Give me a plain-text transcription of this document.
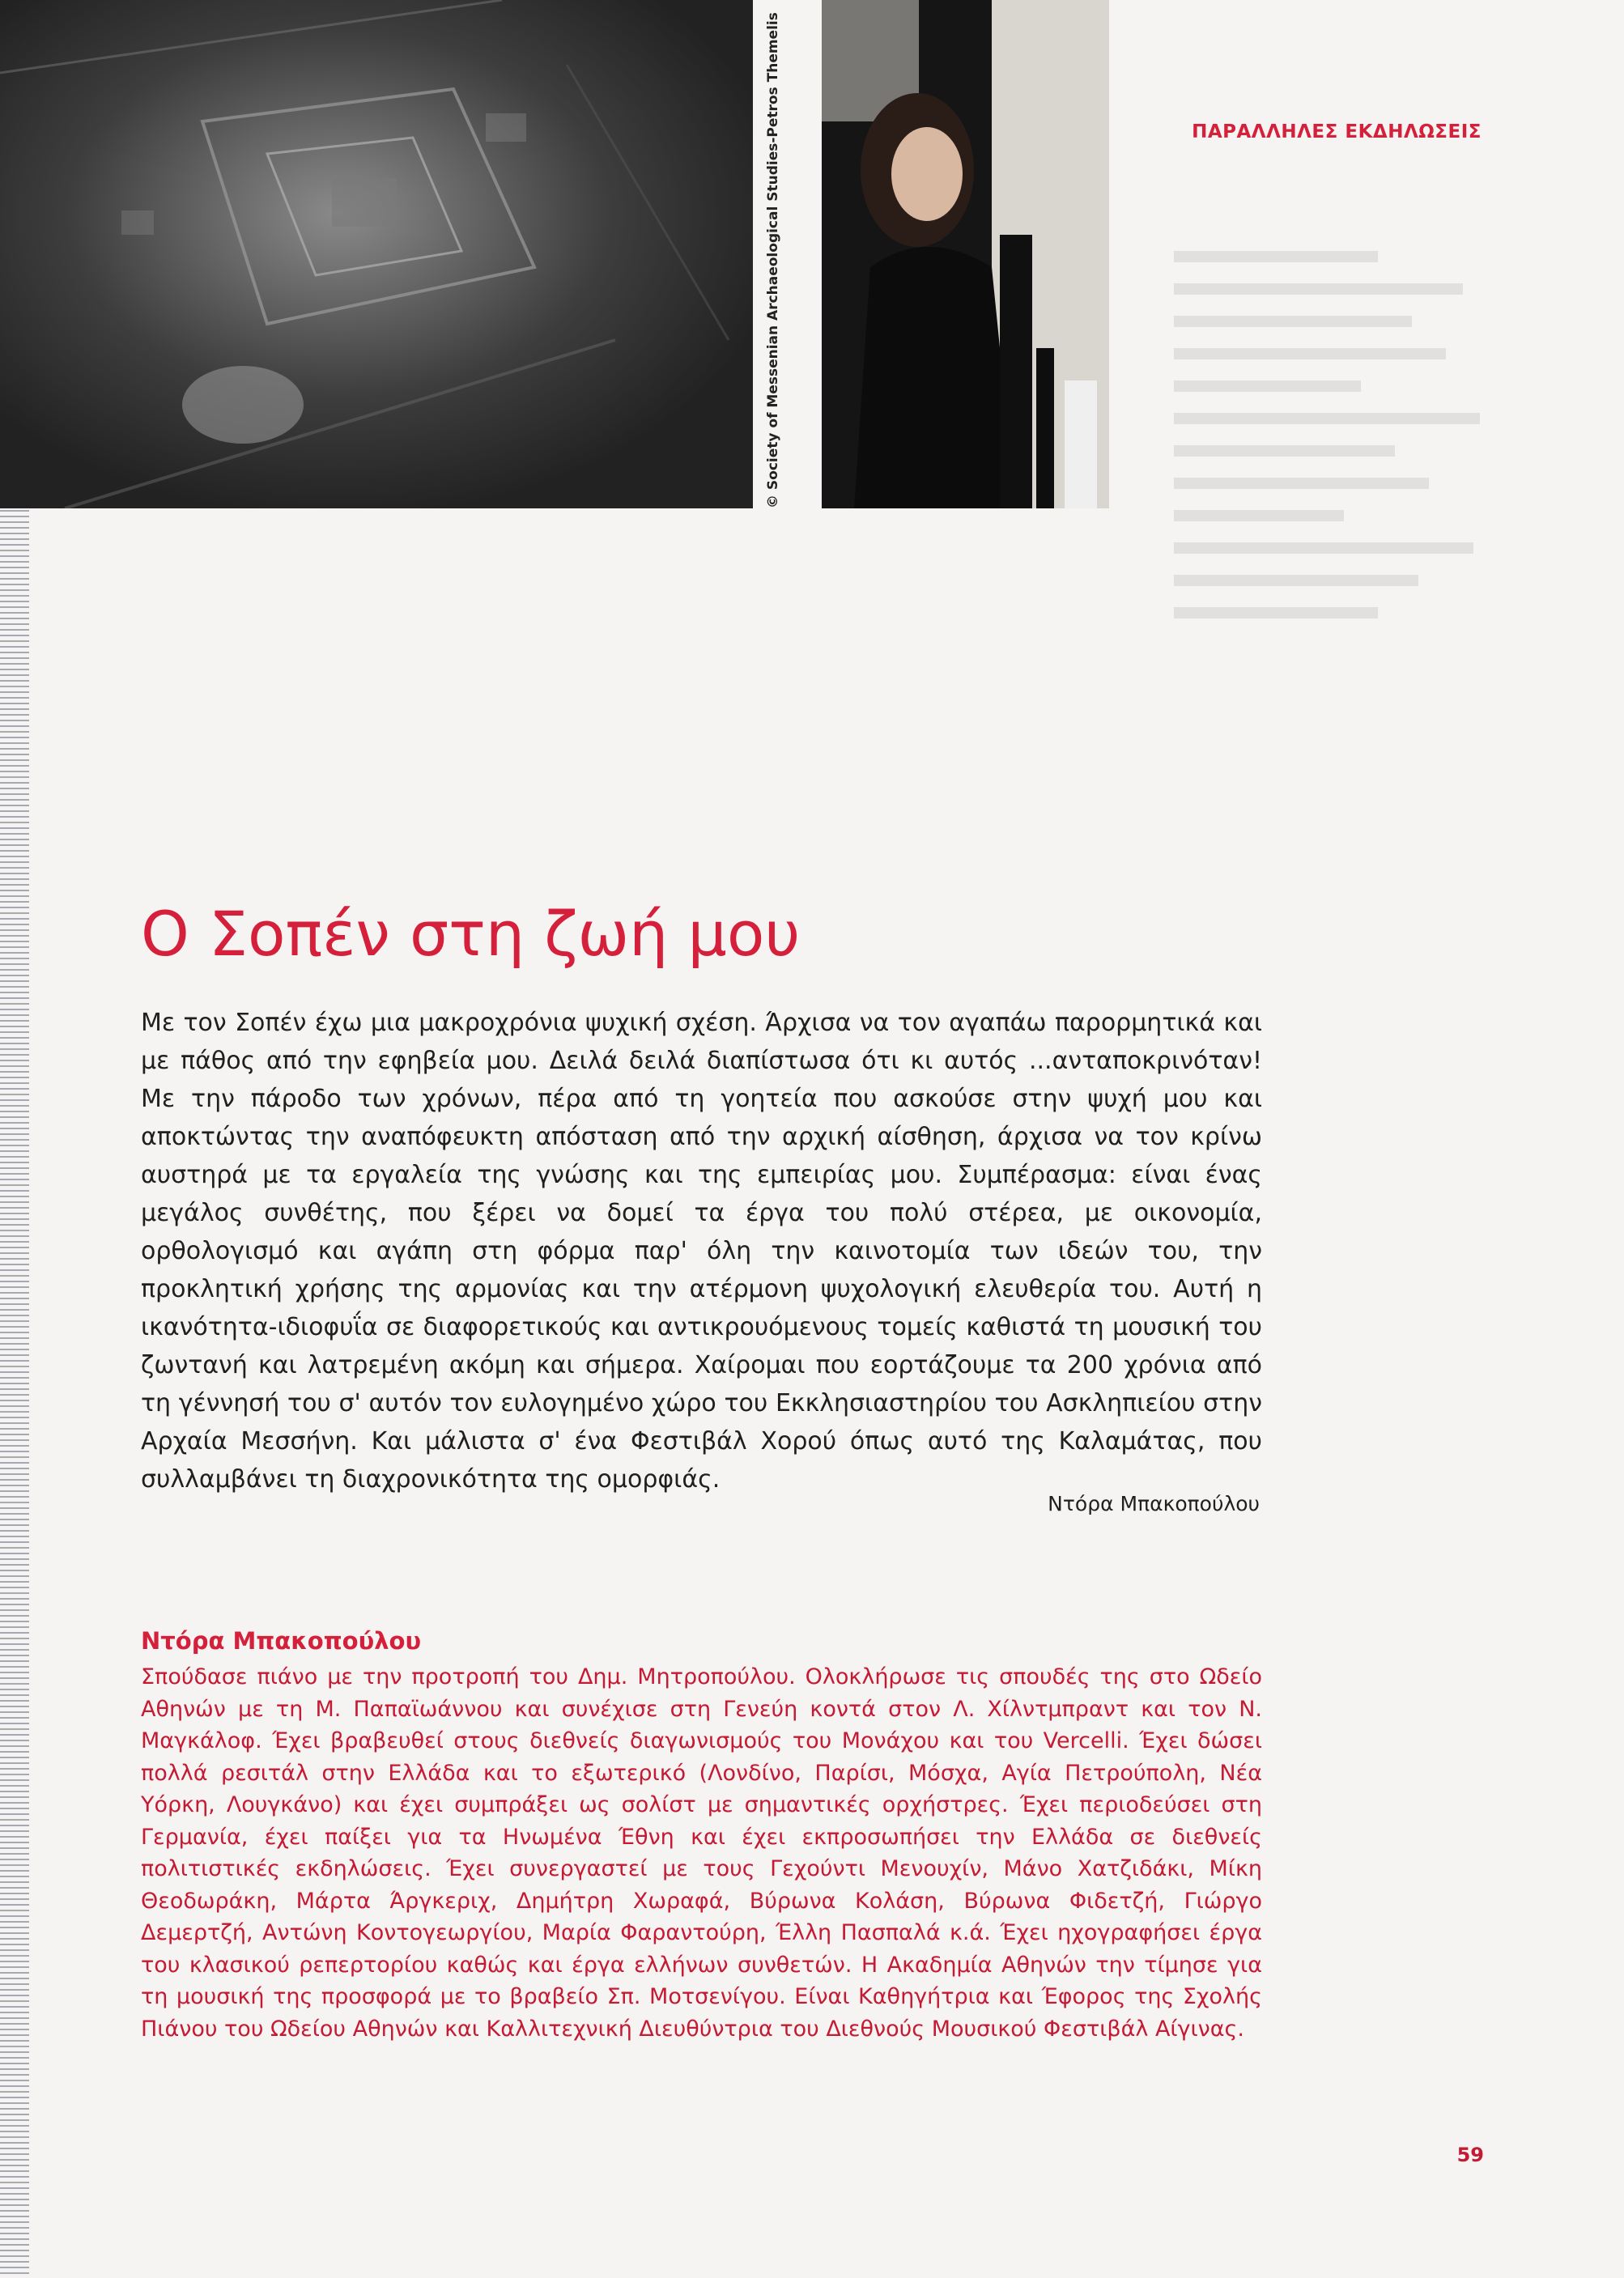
© Society of Messenian Archaeological Studies-Petros Themelis	ΠΑΡΑΛΛΗΛΕΣ ΕΚΔΗΛΩΣΕΙΣ
Ο Σοπέν στη ζωή μου

Με τον Σοπέν έχω μια μακροχρόνια ψυχική σχέση. Άρχισα να τον αγαπάω παρορμητικά και με πάθος από την εφηβεία μου. Δειλά δειλά διαπίστωσα ότι κι αυτός ...ανταποκρινόταν! Με την πάροδο των χρόνων, πέρα από τη γοητεία που ασκούσε στην ψυχή μου και αποκτώντας την αναπόφευκτη απόσταση από την αρχική αίσθηση, άρχισα να τον κρίνω αυστηρά με τα εργαλεία της γνώσης και της εμπειρίας μου. Συμπέρασμα: είναι ένας μεγάλος συνθέτης, που ξέρει να δομεί τα έργα του πολύ στέρεα, με οικονομία, ορθολογισμό και αγάπη στη φόρμα παρ' όλη την καινοτομία των ιδεών του, την προκλητική χρήσης της αρμονίας και την ατέρμονη ψυχολογική ελευθερία του. Αυτή η ικανότητα-ιδιοφυΐα σε διαφορετικούς και αντικρουόμενους τομείς καθιστά τη μουσική του ζωντανή και λατρεμένη ακόμη και σήμερα. Χαίρομαι που εορτάζουμε τα 200 χρόνια από τη γέννησή του σ' αυτόν τον ευλογημένο χώρο του Εκκλησιαστηρίου του Ασκληπιείου στην Αρχαία Μεσσήνη. Και μάλιστα σ' ένα Φεστιβάλ Χορού όπως αυτό της Καλαμάτας, που συλλαμβάνει τη διαχρονικότητα της ομορφιάς.

Ντόρα Μπακοπούλου
Ντόρα Μπακοπούλου

Σπούδασε πιάνο με την προτροπή του Δημ. Μητροπούλου. Ολοκλήρωσε τις σπουδές της στο Ωδείο Αθηνών με τη Μ. Παπαϊωάννου και συνέχισε στη Γενεύη κοντά στον Λ. Χίλντμπραντ και τον Ν. Μαγκάλοφ. Έχει βραβευθεί στους διεθνείς διαγωνισμούς του Μονάχου και του Vercelli. Έχει δώσει πολλά ρεσιτάλ στην Ελλάδα και το εξωτερικό (Λονδίνο, Παρίσι, Μόσχα, Αγία Πετρούπολη, Νέα Υόρκη, Λουγκάνο) και έχει συμπράξει ως σολίστ με σημαντικές ορχήστρες. Έχει περιοδεύσει στη Γερμανία, έχει παίξει για τα Ηνωμένα Έθνη και έχει εκπροσωπήσει την Ελλάδα σε διεθνείς πολιτιστικές εκδηλώσεις. Έχει συνεργαστεί με τους Γεχούντι Μενουχίν, Μάνο Χατζιδάκι, Μίκη Θεοδωράκη, Μάρτα Άργκεριχ, Δημήτρη Χωραφά, Βύρωνα Κολάση, Βύρωνα Φιδετζή, Γιώργο Δεμερτζή, Αντώνη Κοντογεωργίου, Μαρία Φαραντούρη, Έλλη Πασπαλά κ.ά. Έχει ηχογραφήσει έργα του κλασικού ρεπερτορίου καθώς και έργα ελλήνων συνθετών. Η Ακαδημία Αθηνών την τίμησε για τη μουσική της προσφορά με το βραβείο Σπ. Μοτσενίγου. Είναι Καθηγήτρια και Έφορος της Σχολής Πιάνου του Ωδείου Αθηνών και Καλλιτεχνική Διευθύντρια του Διεθνούς Μουσικού Φεστιβάλ Αίγινας.

59
